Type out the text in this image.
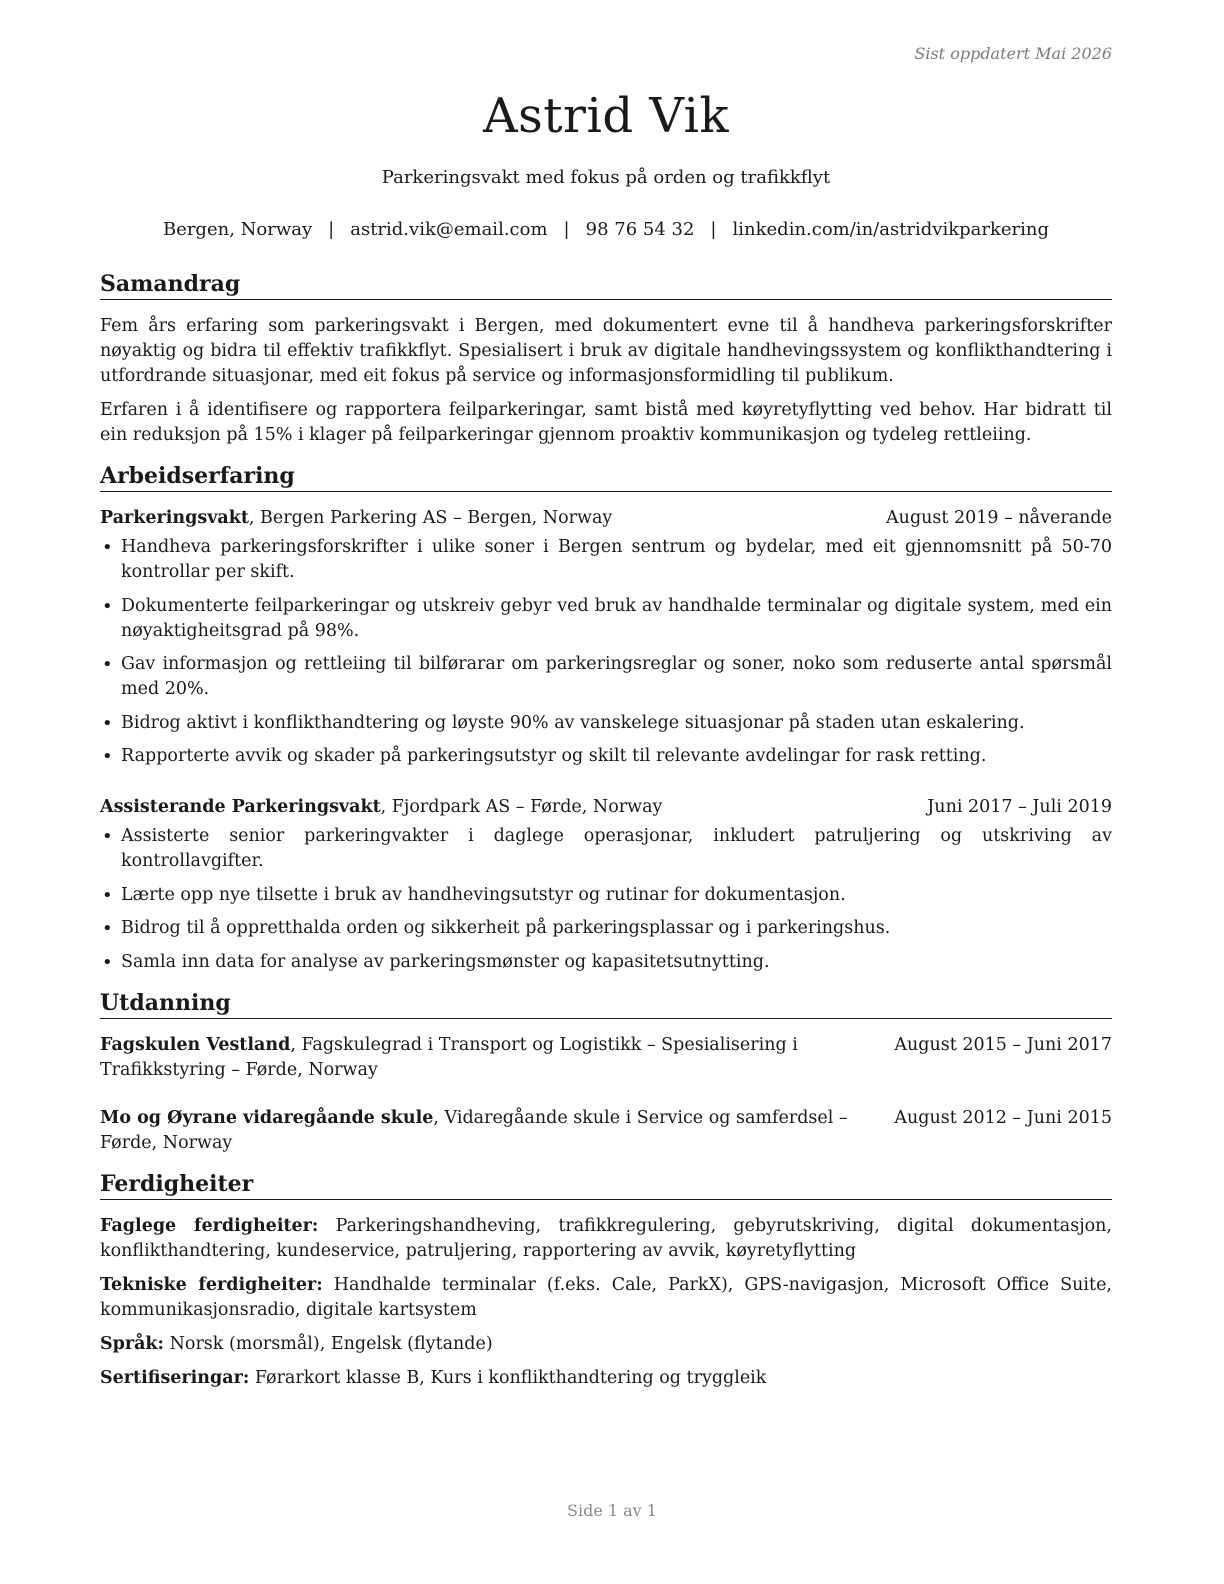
Sist oppdatert Mai 2026
Astrid Vik
Parkeringsvakt med fokus på orden og trafikkflyt
Bergen, Norway | astrid.vik@email.com | 98 76 54 32 | linkedin.com/in/astridvikparkering
Samandrag

Fem års erfaring som parkeringsvakt i Bergen, med dokumentert evne til å handheva parkeringsforskrifter nøyaktig og bidra til effektiv trafikkflyt. Spesialisert i bruk av digitale handhevingssystem og konflikthandtering i utfordrande situasjonar, med eit fokus på service og informasjonsformidling til publikum.

Erfaren i å identifisere og rapportera feilparkeringar, samt bistå med køyretyflytting ved behov. Har bidratt til ein reduksjon på 15% i klager på feilparkeringar gjennom proaktiv kommunikasjon og tydeleg rettleiing.

Arbeidserfaring
Parkeringsvakt, Bergen Parkering AS – Bergen, Norway	August 2019 – nåverande
• Handheva parkeringsforskrifter i ulike soner i Bergen sentrum og bydelar, med eit gjennomsnitt på 50-70 kontrollar per skift.
• Dokumenterte feilparkeringar og utskreiv gebyr ved bruk av handhalde terminalar og digitale system, med ein nøyaktigheitsgrad på 98%.
• Gav informasjon og rettleiing til bilførarar om parkeringsreglar og soner, noko som reduserte antal spørsmål med 20%.
• Bidrog aktivt i konflikthandtering og løyste 90% av vanskelege situasjonar på staden utan eskalering.
• Rapporterte avvik og skader på parkeringsutstyr og skilt til relevante avdelingar for rask retting.
Assisterande Parkeringsvakt, Fjordpark AS – Førde, Norway	Juni 2017 – Juli 2019
• Assisterte senior parkeringvakter i daglege operasjonar, inkludert patruljering og utskriving av kontrollavgifter.
• Lærte opp nye tilsette i bruk av handhevingsutstyr og rutinar for dokumentasjon.
• Bidrog til å oppretthalda orden og sikkerheit på parkeringsplassar og i parkeringshus.
• Samla inn data for analyse av parkeringsmønster og kapasitetsutnytting.
Utdanning
Fagskulen Vestland, Fagskulegrad i Transport og Logistikk – Spesialisering i Trafikkstyring – Førde, Norway
August 2015 – Juni 2017
Mo og Øyrane vidaregåande skule, Vidaregåande skule i Service og samferdsel – Førde, Norway
August 2012 – Juni 2015
Ferdigheiter
Faglege ferdigheiter: Parkeringshandheving, trafikkregulering, gebyrutskriving, digital dokumentasjon, konflikthandtering, kundeservice, patruljering, rapportering av avvik, køyretyflytting
Tekniske ferdigheiter: Handhalde terminalar (f.eks. Cale, ParkX), GPS-navigasjon, Microsoft Office Suite, kommunikasjonsradio, digitale kartsystem
Språk: Norsk (morsmål), Engelsk (flytande)
Sertifiseringar: Førarkort klasse B, Kurs i konflikthandtering og tryggleik
Side 1 av 1
